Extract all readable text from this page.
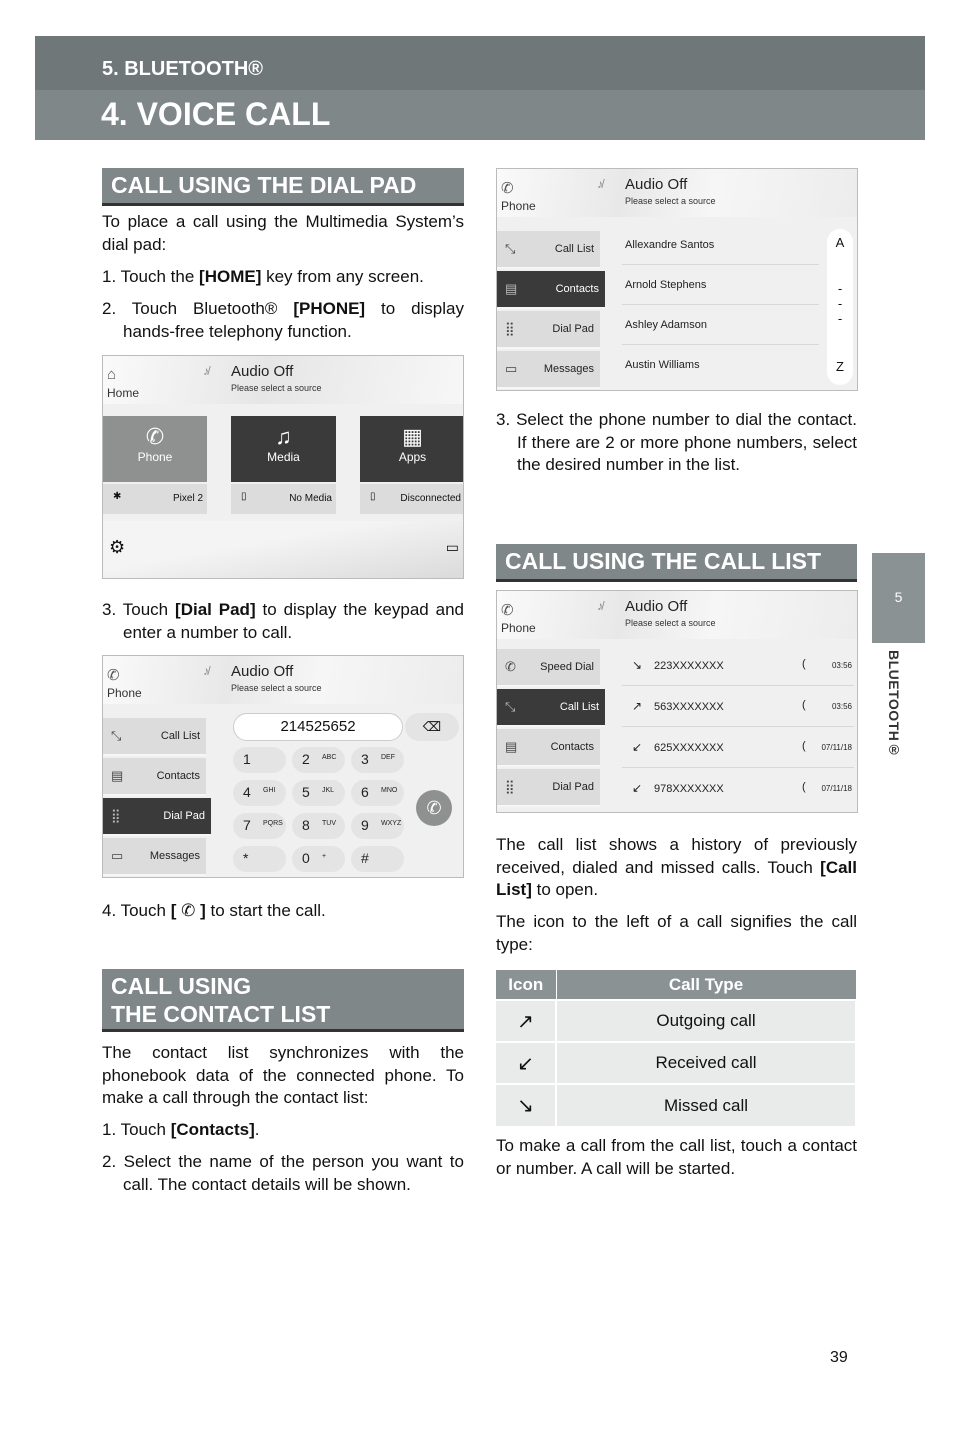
5. BLUETOOTH®
4. VOICE CALL
5
BLUETOOTH®
CALL USING THE DIAL PAD
To place a call using the Multimedia System’s dial pad:
1. Touch the [HOME] key from any screen.
2. Touch Bluetooth® [PHONE] to display hands-free telephony function.
⌂
Home
♪̸ Audio Off
Please select a source
✆
Phone
♫
Media
▦
Apps
✱	Pixel 2	▯	No Media	▯ Disconnected
⚙	▭
3. Touch [Dial Pad] to display the keypad and enter a number to call.
✆
Phone
♪̸ Audio Off
Please select a source
⤡	Call List
▤	Contacts
⣿	Dial Pad
▭ Messages
214525652	⌫
1	2 ABC 3 DEF
4 GHI 5 JKL 6 MNO
7 PQRS 8 TUV 9 WXYZ
*	0 + #
✆
4. Touch [ ✆ ] to start the call.
CALL USING
THE CONTACT LIST
The contact list synchronizes with the phonebook data of the connected phone. To make a call through the contact list:
1. Touch [Contacts].
2. Select the name of the person you want to call. The contact details will be shown.
✆
Phone
♪̸ Audio Off
Please select a source
⤡	Call List
▤	Contacts
⣿	Dial Pad
▭ Messages
Allexandre Santos
Arnold Stephens
Ashley Adamson
Austin Williams
A
-
-
-
Z
3. Select the phone number to dial the contact. If there are 2 or more phone numbers, select the desired number in the list.
CALL USING THE CALL LIST
✆
Phone
♪̸ Audio Off
Please select a source
✆ Speed Dial
⤡	Call List
▤	Contacts
⣿	Dial Pad
↘ 223XXXXXXX	(	03:56
↗ 563XXXXXXX	(	03:56
↙ 625XXXXXXX	( 07/11/18
↙ 978XXXXXXX	( 07/11/18
The call list shows a history of previously received, dialed and missed calls. Touch [Call List] to open.
The icon to the left of a call signifies the call type:
Icon	Call Type
↗	Outgoing call
↙	Received call
↘	Missed call
To make a call from the call list, touch a contact or number. A call will be started.
39
